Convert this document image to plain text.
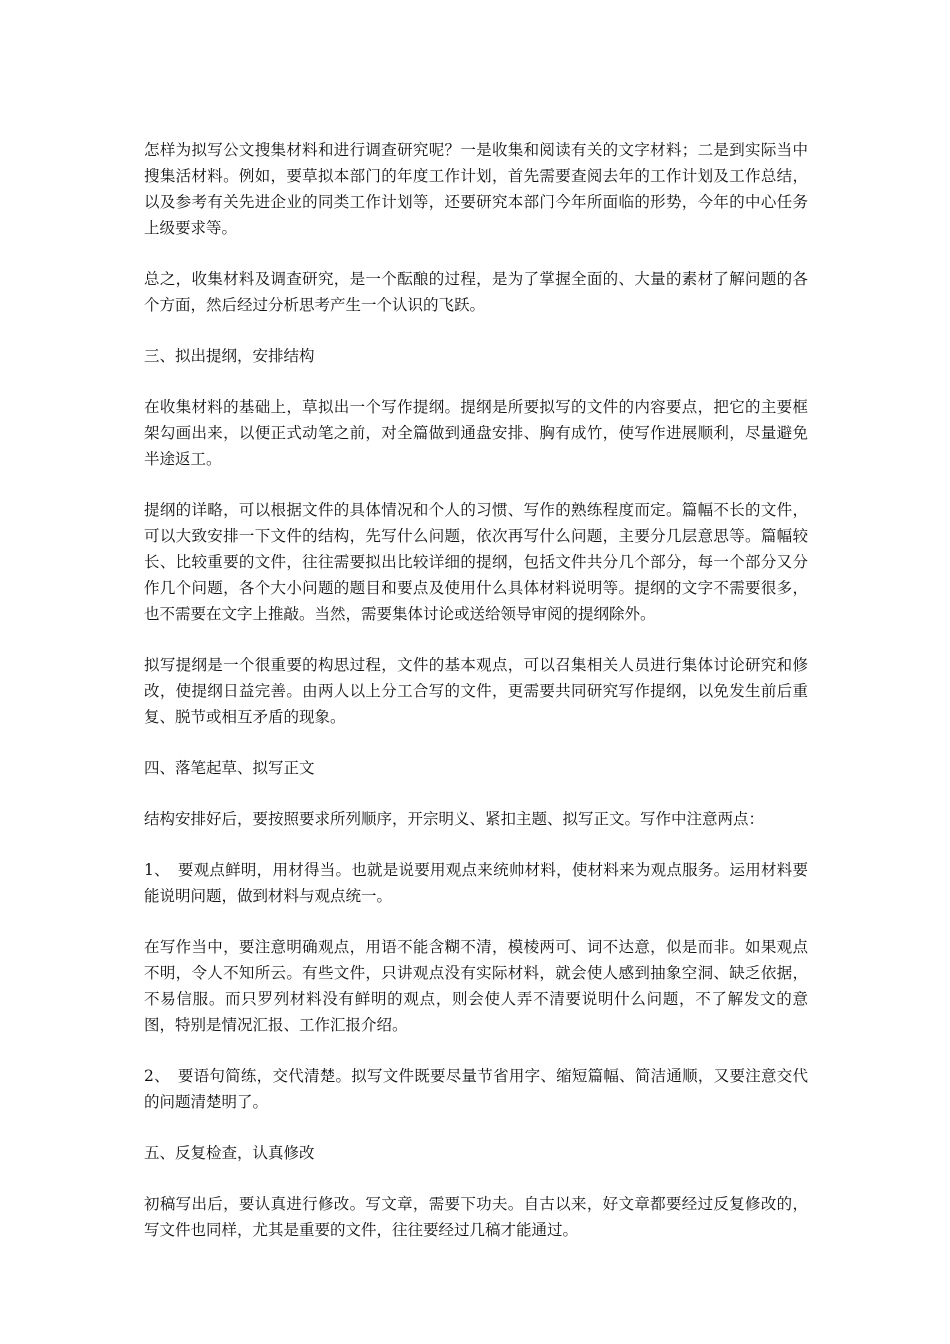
怎样为拟写公文搜集材料和进行调查研究呢？一是收集和阅读有关的文字材料；二是到实际当中搜集活材料。例如，要草拟本部门的年度工作计划，首先需要查阅去年的工作计划及工作总结，以及参考有关先进企业的同类工作计划等，还要研究本部门今年所面临的形势，今年的中心任务上级要求等。

总之，收集材料及调查研究，是一个酝酿的过程，是为了掌握全面的、大量的素材了解问题的各个方面，然后经过分析思考产生一个认识的飞跃。

三、拟出提纲，安排结构

在收集材料的基础上，草拟出一个写作提纲。提纲是所要拟写的文件的内容要点，把它的主要框架勾画出来，以便正式动笔之前，对全篇做到通盘安排、胸有成竹，使写作进展顺利，尽量避免半途返工。

提纲的详略，可以根据文件的具体情况和个人的习惯、写作的熟练程度而定。篇幅不长的文件，可以大致安排一下文件的结构，先写什么问题，依次再写什么问题，主要分几层意思等。篇幅较长、比较重要的文件，往往需要拟出比较详细的提纲，包括文件共分几个部分，每一个部分又分作几个问题，各个大小问题的题目和要点及使用什么具体材料说明等。提纲的文字不需要很多，也不需要在文字上推敲。当然，需要集体讨论或送给领导审阅的提纲除外。

拟写提纲是一个很重要的构思过程，文件的基本观点，可以召集相关人员进行集体讨论研究和修改，使提纲日益完善。由两人以上分工合写的文件，更需要共同研究写作提纲，以免发生前后重复、脱节或相互矛盾的现象。

四、落笔起草、拟写正文

结构安排好后，要按照要求所列顺序，开宗明义、紧扣主题、拟写正文。写作中注意两点：

1、　要观点鲜明，用材得当。也就是说要用观点来统帅材料，使材料来为观点服务。运用材料要能说明问题，做到材料与观点统一。

在写作当中，要注意明确观点，用语不能含糊不清，模棱两可、词不达意，似是而非。如果观点不明，令人不知所云。有些文件，只讲观点没有实际材料，就会使人感到抽象空洞、缺乏依据，不易信服。而只罗列材料没有鲜明的观点，则会使人弄不清要说明什么问题，不了解发文的意图，特别是情况汇报、工作汇报介绍。

2、　要语句简练，交代清楚。拟写文件既要尽量节省用字、缩短篇幅、简洁通顺，又要注意交代的问题清楚明了。

五、反复检查，认真修改

初稿写出后，要认真进行修改。写文章，需要下功夫。自古以来，好文章都要经过反复修改的，写文件也同样，尤其是重要的文件，往往要经过几稿才能通过。
